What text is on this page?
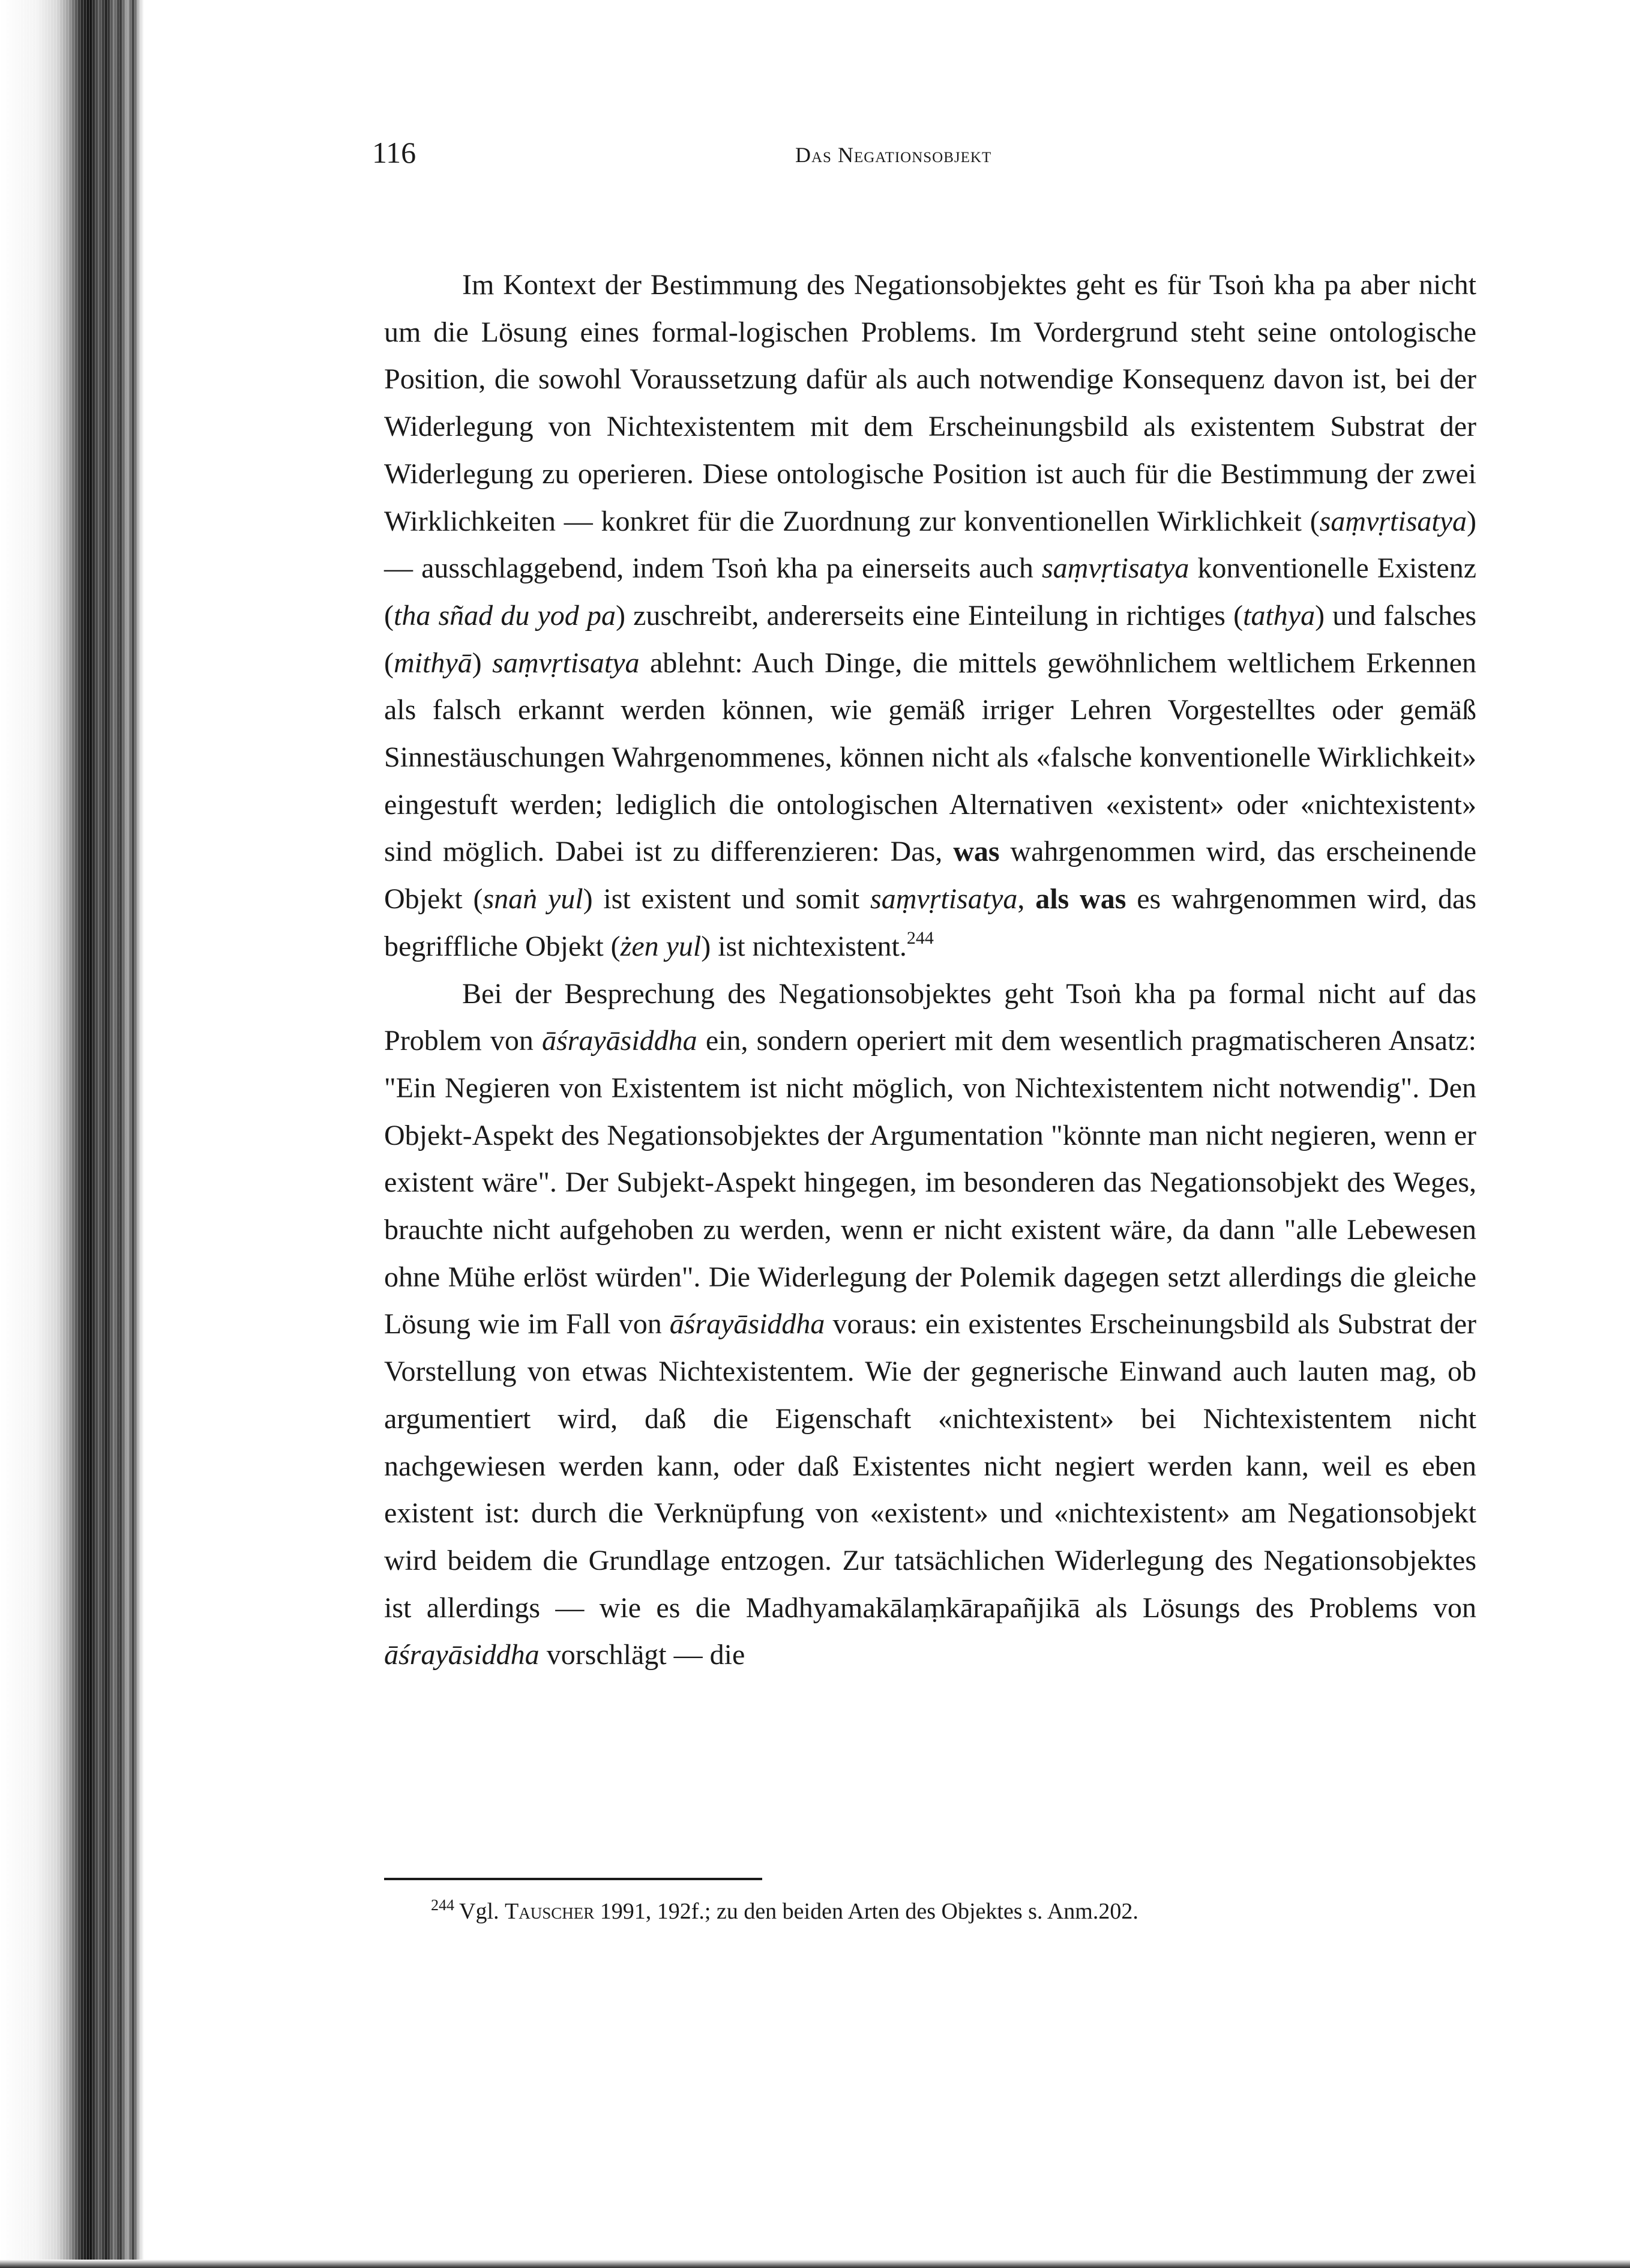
116	Das Negationsobjekt

Im Kontext der Bestimmung des Negationsobjektes geht es für Tsoṅ kha pa aber nicht um die Lösung eines formal-logischen Problems. Im Vordergrund steht seine ontologische Position, die sowohl Voraussetzung dafür als auch notwendige Konsequenz davon ist, bei der Widerlegung von Nichtexistentem mit dem Erscheinungsbild als existentem Substrat der Widerlegung zu operieren. Diese ontologische Position ist auch für die Bestimmung der zwei Wirklichkeiten — konkret für die Zuordnung zur konventionellen Wirklichkeit (saṃvṛtisatya) — ausschlaggebend, indem Tsoṅ kha pa einerseits auch saṃvṛtisatya konventionelle Existenz (tha sñad du yod pa) zuschreibt, andererseits eine Einteilung in richtiges (tathya) und falsches (mithyā) saṃvṛtisatya ablehnt: Auch Dinge, die mittels gewöhnlichem weltlichem Erkennen als falsch erkannt werden können, wie gemäß irriger Lehren Vorgestelltes oder gemäß Sinnestäuschungen Wahrgenommenes, können nicht als «falsche konventionelle Wirklichkeit» eingestuft werden; lediglich die ontologischen Alternativen «existent» oder «nichtexistent» sind möglich. Dabei ist zu differenzieren: Das, was wahrgenommen wird, das erscheinende Objekt (snaṅ yul) ist existent und somit saṃvṛtisatya, als was es wahrgenommen wird, das begriffliche Objekt (żen yul) ist nichtexistent.$^{244}$

Bei der Besprechung des Negationsobjektes geht Tsoṅ kha pa formal nicht auf das Problem von āśrayāsiddha ein, sondern operiert mit dem wesentlich pragmatischeren Ansatz: "Ein Negieren von Existentem ist nicht möglich, von Nichtexistentem nicht notwendig". Den Objekt-Aspekt des Negationsobjektes der Argumentation "könnte man nicht negieren, wenn er existent wäre". Der Subjekt-Aspekt hingegen, im besonderen das Negationsobjekt des Weges, brauchte nicht aufgehoben zu werden, wenn er nicht existent wäre, da dann "alle Lebewesen ohne Mühe erlöst würden". Die Widerlegung der Polemik dagegen setzt allerdings die gleiche Lösung wie im Fall von āśrayāsiddha voraus: ein existentes Erscheinungsbild als Substrat der Vorstellung von etwas Nichtexistentem. Wie der gegnerische Einwand auch lauten mag, ob argumentiert wird, daß die Eigenschaft «nichtexistent» bei Nichtexistentem nicht nachgewiesen werden kann, oder daß Existentes nicht negiert werden kann, weil es eben existent ist: durch die Verknüpfung von «existent» und «nichtexistent» am Negationsobjekt wird beidem die Grundlage entzogen. Zur tatsächlichen Widerlegung des Negationsobjektes ist allerdings — wie es die Madhyamakālaṃkārapañjikā als Lösungs des Problems von āśrayāsiddha vorschlägt — die

$^{244}$ Vgl. Tauscher 1991, 192f.; zu den beiden Arten des Objektes s. Anm.202.
